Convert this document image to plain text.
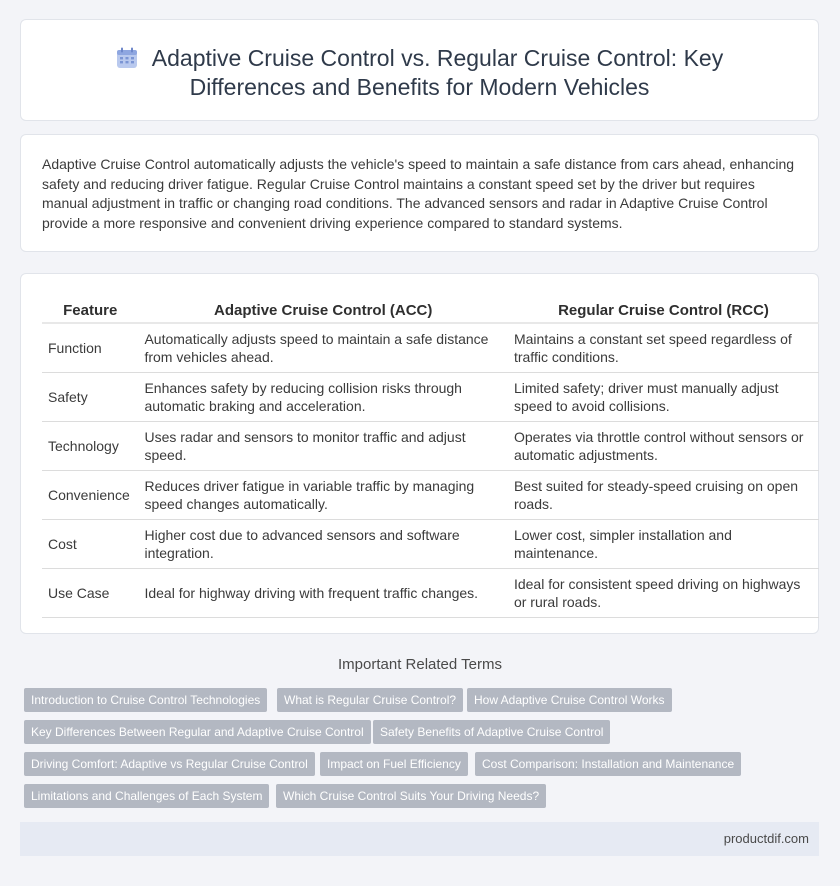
Adaptive Cruise Control vs. Regular Cruise Control: Key
Differences and Benefits for Modern Vehicles

Adaptive Cruise Control automatically adjusts the vehicle's speed to maintain a safe distance from cars ahead, enhancing safety and reducing driver fatigue. Regular Cruise Control maintains a constant speed set by the driver but requires manual adjustment in traffic or changing road conditions. The advanced sensors and radar in Adaptive Cruise Control provide a more responsive and convenient driving experience compared to standard systems.

Feature	Adaptive Cruise Control (ACC)	Regular Cruise Control (RCC)
Function	Automatically adjusts speed to maintain a safe distance from vehicles ahead.	Maintains a constant set speed regardless of traffic conditions.
Safety	Enhances safety by reducing collision risks through automatic braking and acceleration.	Limited safety; driver must manually adjust speed to avoid collisions.
Technology	Uses radar and sensors to monitor traffic and adjust speed.	Operates via throttle control without sensors or automatic adjustments.
Convenience	Reduces driver fatigue in variable traffic by managing speed changes automatically.	Best suited for steady-speed cruising on open roads.
Cost	Higher cost due to advanced sensors and software integration.	Lower cost, simpler installation and maintenance.
Use Case	Ideal for highway driving with frequent traffic changes.	Ideal for consistent speed driving on highways or rural roads.
Important Related Terms
Introduction to Cruise Control Technologies	What is Regular Cruise Control?	How Adaptive Cruise Control Works
Key Differences Between Regular and Adaptive Cruise Control	Safety Benefits of Adaptive Cruise Control
Driving Comfort: Adaptive vs Regular Cruise Control	Impact on Fuel Efficiency	Cost Comparison: Installation and Maintenance
Limitations and Challenges of Each System	Which Cruise Control Suits Your Driving Needs?
productdif.com
